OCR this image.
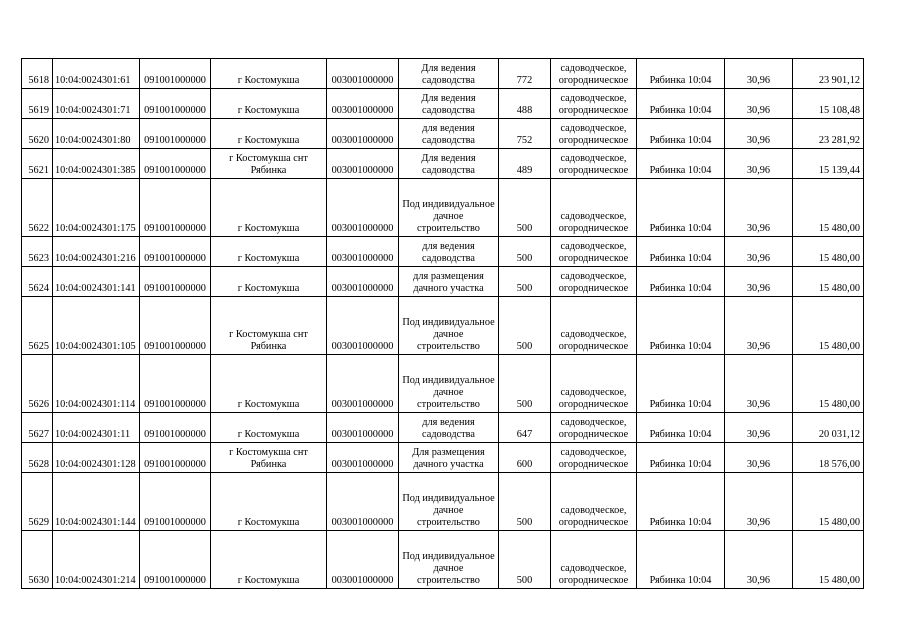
5618	10:04:0024301:61	091001000000	г Костомукша	003001000000	Для ведения садоводства	772	садоводческое, огородническое	Рябинка 10:04	30,96	23 901,12
5619	10:04:0024301:71	091001000000	г Костомукша	003001000000	Для ведения садоводства	488	садоводческое, огородническое	Рябинка 10:04	30,96	15 108,48
5620	10:04:0024301:80	091001000000	г Костомукша	003001000000	для ведения садоводства	752	садоводческое, огородническое	Рябинка 10:04	30,96	23 281,92
5621	10:04:0024301:385	091001000000	г Костомукша снт Рябинка	003001000000	Для ведения садоводства	489	садоводческое, огородническое	Рябинка 10:04	30,96	15 139,44
5622	10:04:0024301:175	091001000000	г Костомукша	003001000000	Под индивидуальное дачное строительство	500	садоводческое, огородническое	Рябинка 10:04	30,96	15 480,00
5623	10:04:0024301:216	091001000000	г Костомукша	003001000000	для ведения садоводства	500	садоводческое, огородническое	Рябинка 10:04	30,96	15 480,00
5624	10:04:0024301:141	091001000000	г Костомукша	003001000000	для размещения дачного участка	500	садоводческое, огородническое	Рябинка 10:04	30,96	15 480,00
5625	10:04:0024301:105	091001000000	г Костомукша снт Рябинка	003001000000	Под индивидуальное дачное строительство	500	садоводческое, огородническое	Рябинка 10:04	30,96	15 480,00
5626	10:04:0024301:114	091001000000	г Костомукша	003001000000	Под индивидуальное дачное строительство	500	садоводческое, огородническое	Рябинка 10:04	30,96	15 480,00
5627	10:04:0024301:11	091001000000	г Костомукша	003001000000	для ведения садоводства	647	садоводческое, огородническое	Рябинка 10:04	30,96	20 031,12
5628	10:04:0024301:128	091001000000	г Костомукша снт Рябинка	003001000000	Для размещения дачного участка	600	садоводческое, огородническое	Рябинка 10:04	30,96	18 576,00
5629	10:04:0024301:144	091001000000	г Костомукша	003001000000	Под индивидуальное дачное строительство	500	садоводческое, огородническое	Рябинка 10:04	30,96	15 480,00
5630	10:04:0024301:214	091001000000	г Костомукша	003001000000	Под индивидуальное дачное строительство	500	садоводческое, огородническое	Рябинка 10:04	30,96	15 480,00
